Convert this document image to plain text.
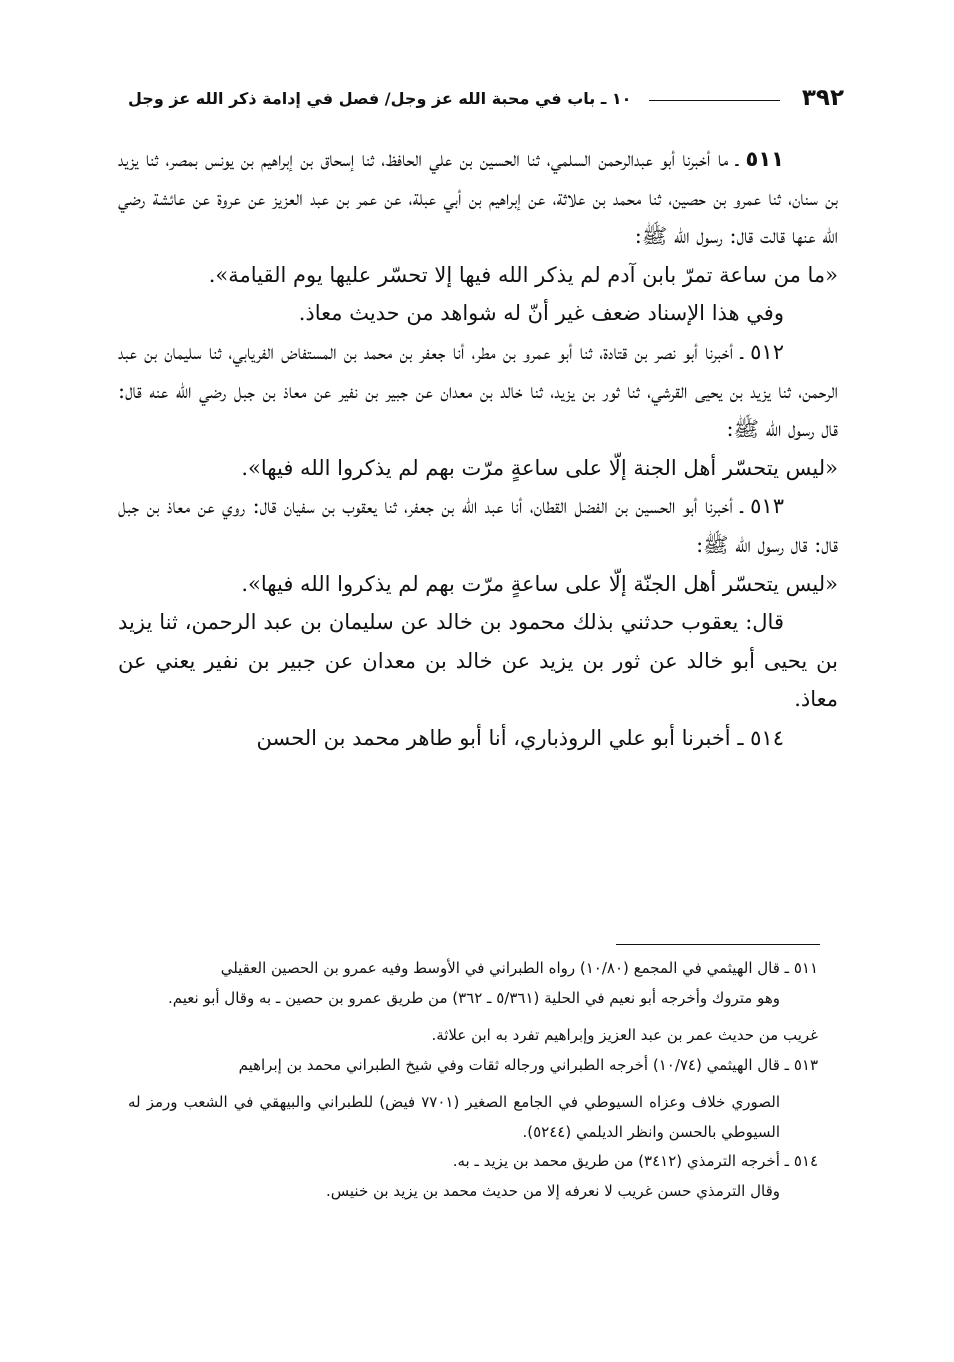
٣٩٢
١٠ ـ باب في محبة الله عز وجل/ فصل في إدامة ذكر الله عز وجل

٥١١ ـ ما أخبرنا أبو عبدالرحمن السلمي، ثنا الحسين بن علي الحافظ، ثنا إسحاق بن إبراهيم بن يونس بمصر، ثنا يزيد بن سنان، ثنا عمرو بن حصين، ثنا محمد بن علاثة، عن إبراهيم بن أبي عبلة، عن عمر بن عبد العزيز عن عروة عن عائشة رضي الله عنها قالت قال: رسول الله ﷺ:

«ما من ساعة تمرّ بابن آدم لم يذكر الله فيها إلا تحسّر عليها يوم القيامة».

وفي هذا الإسناد ضعف غير أنّ له شواهد من حديث معاذ.

٥١٢ ـ أخبرنا أبو نصر بن قتادة، ثنا أبو عمرو بن مطر، أنا جعفر بن محمد بن المستفاض الفريابي، ثنا سليمان بن عبد الرحمن، ثنا يزيد بن يحيى القرشي، ثنا ثور بن يزيد، ثنا خالد بن معدان عن جبير بن نفير عن معاذ بن جبل رضي الله عنه قال: قال رسول الله ﷺ:

«ليس يتحسّر أهل الجنة إلّا على ساعةٍ مرّت بهم لم يذكروا الله فيها».

٥١٣ ـ أخبرنا أبو الحسين بن الفضل القطان، أنا عبد الله بن جعفر، ثنا يعقوب بن سفيان قال: روي عن معاذ بن جبل قال: قال رسول الله ﷺ:

«ليس يتحسّر أهل الجنّة إلّا على ساعةٍ مرّت بهم لم يذكروا الله فيها».

قال: يعقوب حدثني بذلك محمود بن خالد عن سليمان بن عبد الرحمن، ثنا يزيد بن يحيى أبو خالد عن ثور بن يزيد عن خالد بن معدان عن جبير بن نفير يعني عن معاذ.

٥١٤ ـ أخبرنا أبو علي الروذباري، أنا أبو طاهر محمد بن الحسن

٥١١ ـ قال الهيثمي في المجمع (١٠/٨٠) رواه الطبراني في الأوسط وفيه عمرو بن الحصين العقيلي

وهو متروك وأخرجه أبو نعيم في الحلية (٥/٣٦١ ـ ٣٦٢) من طريق عمرو بن حصين ـ به وقال أبو نعيم.

غريب من حديث عمر بن عبد العزيز وإبراهيم تفرد به ابن علاثة.

٥١٣ ـ قال الهيثمي (١٠/٧٤) أخرجه الطبراني ورجاله ثقات وفي شيخ الطبراني محمد بن إبراهيم

الصوري خلاف وعزاه السيوطي في الجامع الصغير (٧٧٠١ فيض) للطبراني والبيهقي في الشعب ورمز له السيوطي بالحسن وانظر الديلمي (٥٢٤٤).

٥١٤ ـ أخرجه الترمذي (٣٤١٢) من طريق محمد بن يزيد ـ به.

وقال الترمذي حسن غريب لا نعرفه إلا من حديث محمد بن يزيد بن خنيس.
